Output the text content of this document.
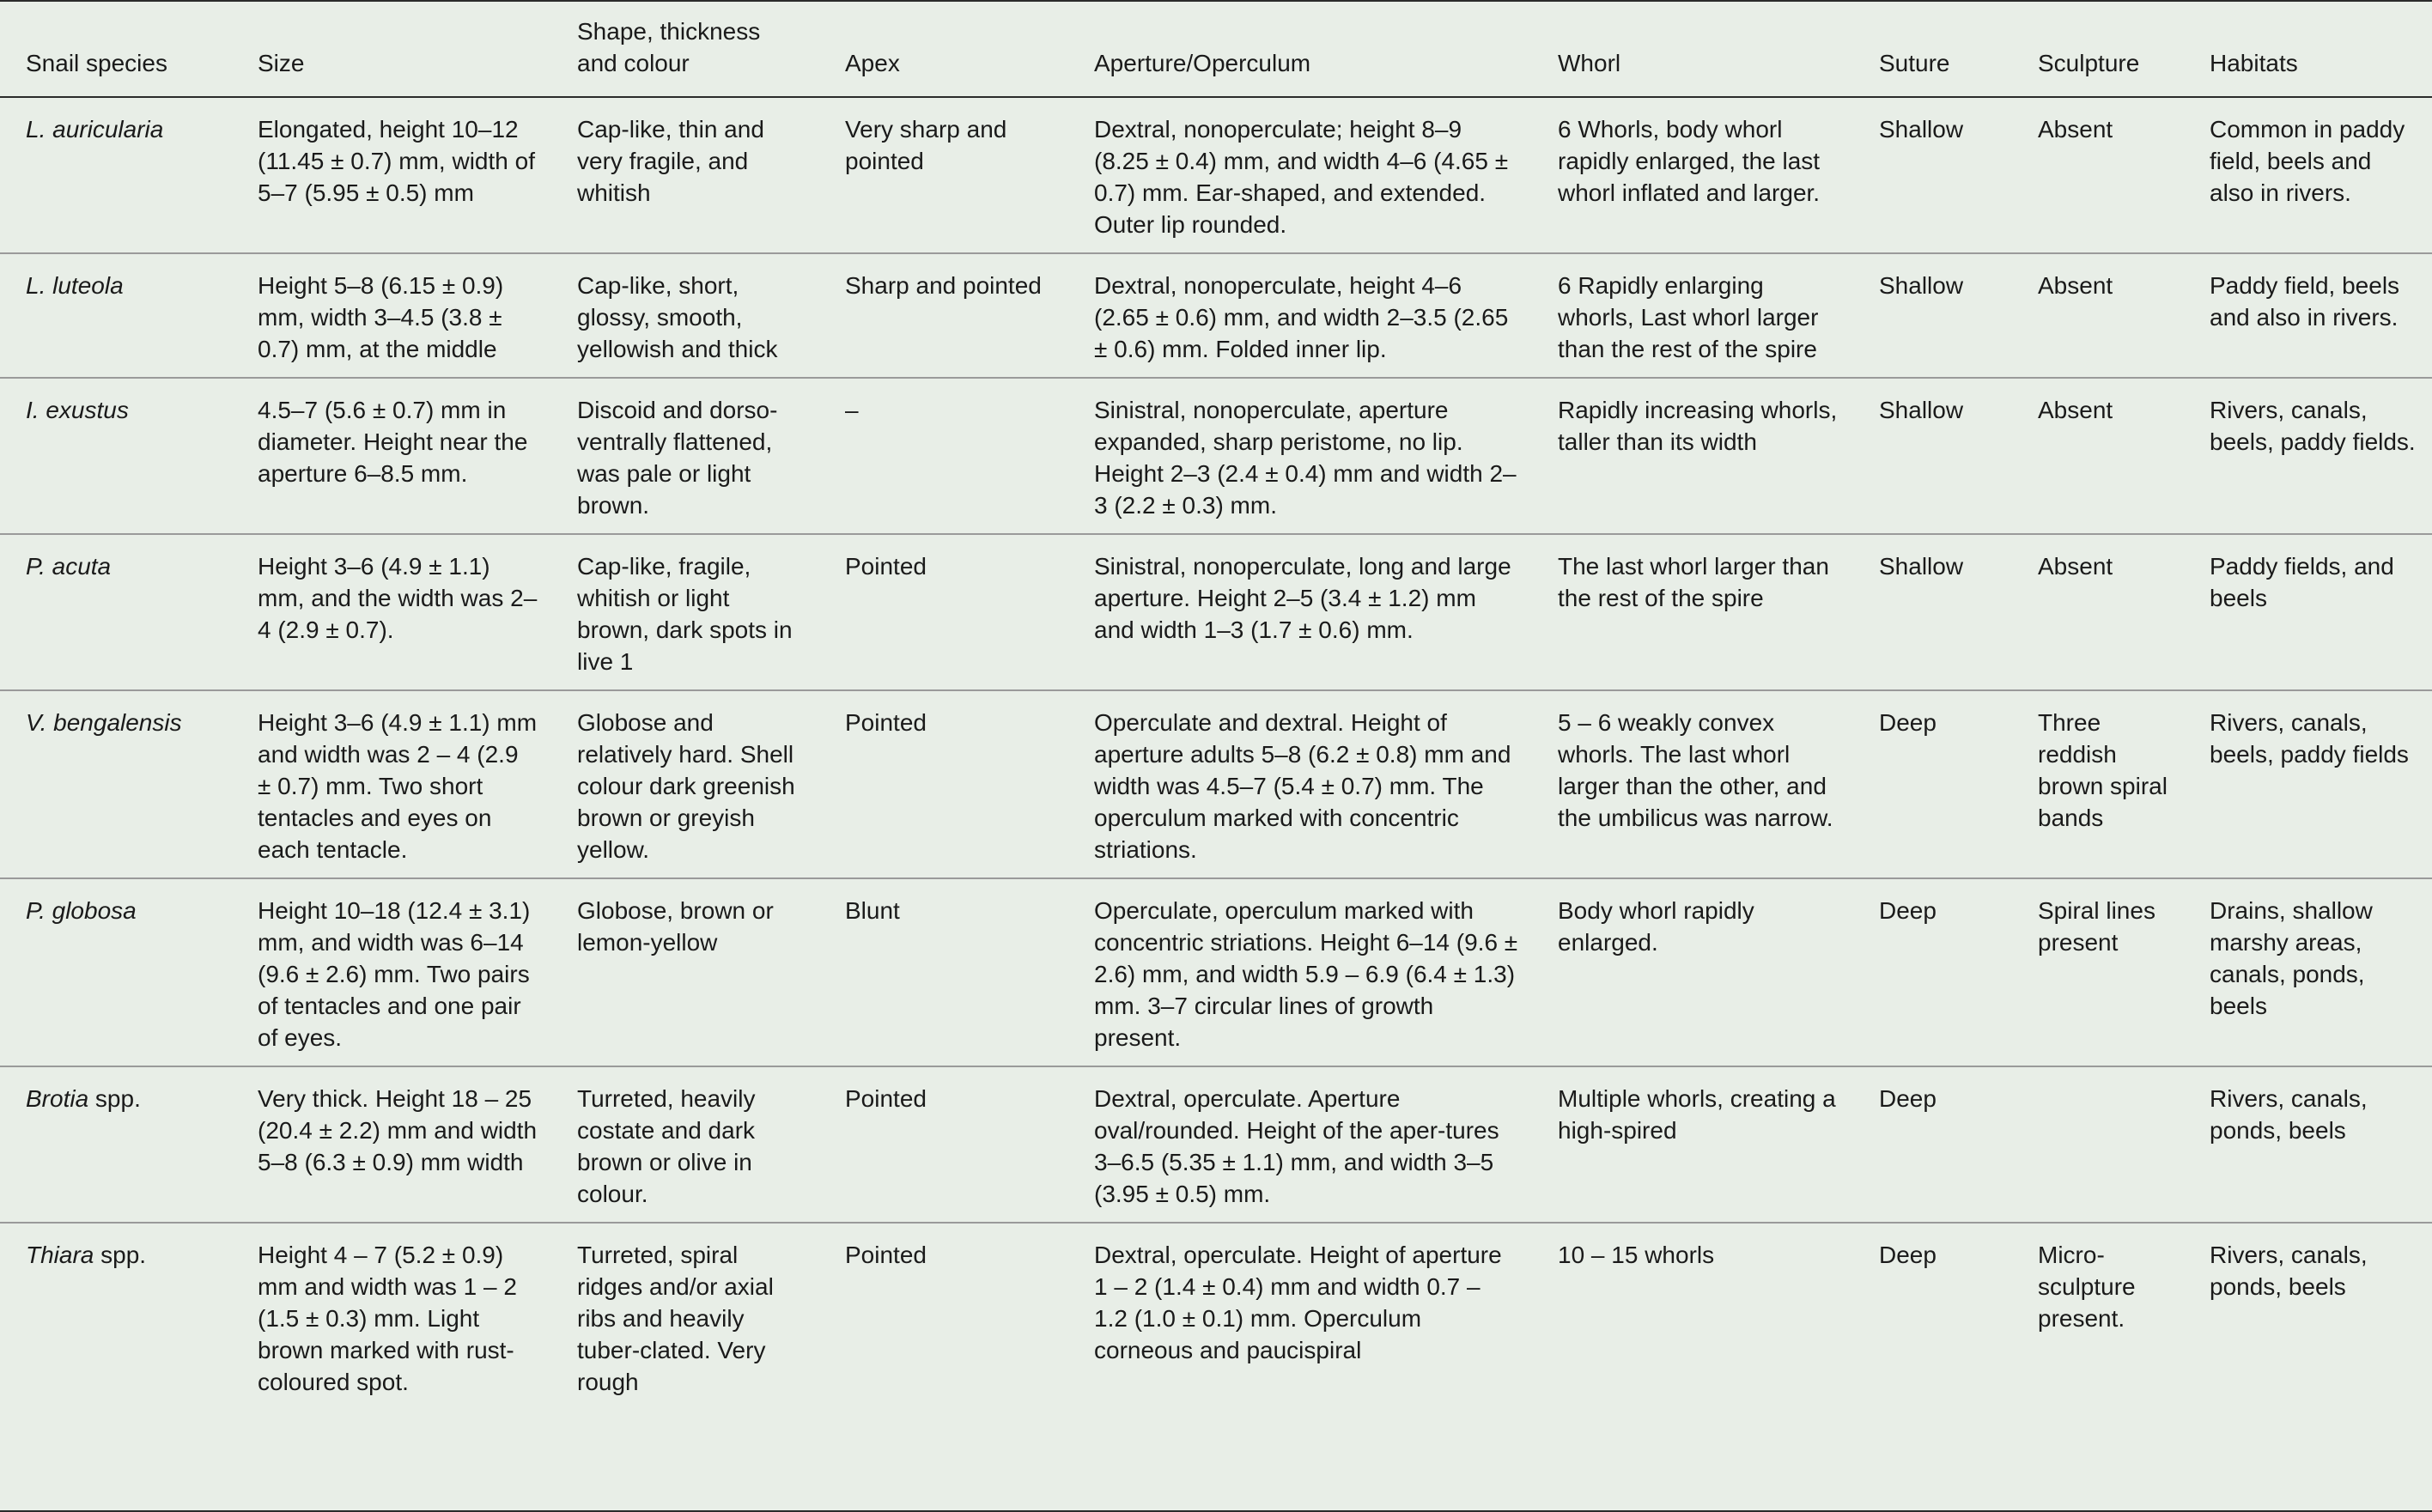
Snail species	Size	Shape, thickness and colour	Apex	Aperture/Operculum	Whorl	Suture	Sculpture	Habitats
L. auricularia	Elongated, height 10–12 (11.45 ± 0.7) mm, width of 5–7 (5.95 ± 0.5) mm	Cap-like, thin and very fragile, and whitish	Very sharp and pointed	Dextral, nonoperculate; height 8–9 (8.25 ± 0.4) mm, and width 4–6 (4.65 ± 0.7) mm. Ear-shaped, and extended. Outer lip rounded.	6 Whorls, body whorl rapidly enlarged, the last whorl inflated and larger.	Shallow	Absent	Common in paddy field, beels and also in rivers.
L. luteola	Height 5–8 (6.15 ± 0.9) mm, width 3–4.5 (3.8 ± 0.7) mm, at the middle	Cap-like, short, glossy, smooth, yellowish and thick	Sharp and pointed	Dextral, nonoperculate, height 4–6 (2.65 ± 0.6) mm, and width 2–3.5 (2.65 ± 0.6) mm. Folded inner lip.	6 Rapidly enlarging whorls, Last whorl larger than the rest of the spire	Shallow	Absent	Paddy field, beels and also in rivers.
I. exustus	4.5–7 (5.6 ± 0.7) mm in diameter. Height near the aperture 6–8.5 mm.	Discoid and dorso-ventrally flattened, was pale or light brown.	–	Sinistral, nonoperculate, aperture expanded, sharp peristome, no lip. Height 2–3 (2.4 ± 0.4) mm and width 2–3 (2.2 ± 0.3) mm.	Rapidly increasing whorls, taller than its width	Shallow	Absent	Rivers, canals, beels, paddy fields.
P. acuta	Height 3–6 (4.9 ± 1.1) mm, and the width was 2–4 (2.9 ± 0.7).	Cap-like, fragile, whitish or light brown, dark spots in live 1	Pointed	Sinistral, nonoperculate, long and large aperture. Height 2–5 (3.4 ± 1.2) mm and width 1–3 (1.7 ± 0.6) mm.	The last whorl larger than the rest of the spire	Shallow	Absent	Paddy fields, and beels
V. bengalensis	Height 3–6 (4.9 ± 1.1) mm and width was 2 – 4 (2.9 ± 0.7) mm. Two short tentacles and eyes on each tentacle.	Globose and relatively hard. Shell colour dark greenish brown or greyish yellow.	Pointed	Operculate and dextral. Height of aperture adults 5–8 (6.2 ± 0.8) mm and width was 4.5–7 (5.4 ± 0.7) mm. The operculum marked with concentric striations.	5 – 6 weakly convex whorls. The last whorl larger than the other, and the umbilicus was narrow.	Deep	Three reddish brown spiral bands	Rivers, canals, beels, paddy fields
P. globosa	Height 10–18 (12.4 ± 3.1) mm, and width was 6–14 (9.6 ± 2.6) mm. Two pairs of tentacles and one pair of eyes.	Globose, brown or lemon-yellow	Blunt	Operculate, operculum marked with concentric striations. Height 6–14 (9.6 ± 2.6) mm, and width 5.9 – 6.9 (6.4 ± 1.3) mm. 3–7 circular lines of growth present.	Body whorl rapidly enlarged.	Deep	Spiral lines present	Drains, shallow marshy areas, canals, ponds, beels
Brotia spp.	Very thick. Height 18 – 25 (20.4 ± 2.2) mm and width 5–8 (6.3 ± 0.9) mm width	Turreted, heavily costate and dark brown or olive in colour.	Pointed	Dextral, operculate. Aperture oval/rounded. Height of the aper-tures 3–6.5 (5.35 ± 1.1) mm, and width 3–5 (3.95 ± 0.5) mm.	Multiple whorls, creating a high-spired	Deep		Rivers, canals, ponds, beels
Thiara spp.	Height 4 – 7 (5.2 ± 0.9) mm and width was 1 – 2 (1.5 ± 0.3) mm. Light brown marked with rust-coloured spot.	Turreted, spiral ridges and/or axial ribs and heavily tuber-clated. Very rough	Pointed	Dextral, operculate. Height of aperture 1 – 2 (1.4 ± 0.4) mm and width 0.7 – 1.2 (1.0 ± 0.1) mm. Operculum corneous and paucispiral	10 – 15 whorls	Deep	Micro-sculpture present.	Rivers, canals, ponds, beels
